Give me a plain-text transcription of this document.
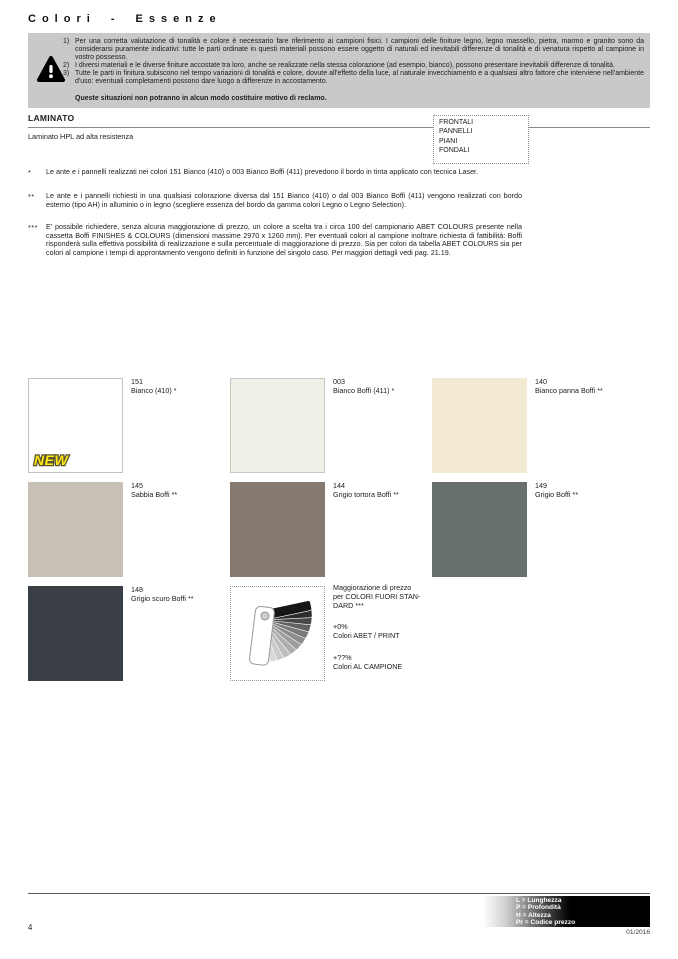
Colori - Essenze
1) Per una corretta valutazione di tonalità e colore è necessario fare riferimento ai campioni fisici. I campioni delle finiture legno, legno massello, pietra, marmo e granito sono da considerarsi puramente indicativi: tutte le parti ordinate in questi materiali possono essere oggetto di naturali ed inevitabili differenze di tonalità e di venatura rispetto al campione in vostro possesso.
2) I diversi materiali e le diverse finiture accostate tra loro, anche se realizzate nella stessa colorazione (ad esempio, bianco), possono presentare inevitabili differenze di tonalità.
3) Tutte le parti in finitura subiscono nel tempo variazioni di tonalità e colore, dovute all'effetto della luce, al naturale invecchiamento e a qualsiasi altro fattore che interviene nell'ambiente d'uso: eventuali completamenti possono dare luogo a differenze in accostamento.
Queste situazioni non potranno in alcun modo costituire motivo di reclamo.
LAMINATO
Laminato HPL ad alta resistenza
FRONTALI
PANNELLI
PIANI
FONDALI
*	Le ante e i pannelli realizzati nei colori 151 Bianco (410) o 003 Bianco Boffi (411) prevedono il bordo in tinta applicato con tecnica Laser.
**	Le ante e i pannelli richiesti in una qualsiasi colorazione diversa dal 151 Bianco (410) o dal 003 Bianco Boffi (411) vengono realizzati con bordo esterno (tipo AH) in alluminio o in legno (scegliere essenza del bordo da gamma colori Legno o Legno Selection).
***	E' possibile richiedere, senza alcuna maggiorazione di prezzo, un colore a scelta tra i circa 100 del campionario ABET COLOURS presente nella cassetta Boffi FINISHES & COLOURS (dimensioni massime 2970 x 1260 mm). Per eventuali colori al campione inoltrare richiesta di fattibilità: Boffi risponderà sulla effettiva possibilità di realizzazione e sulla percentuale di maggiorazione di prezzo. Sia per colori da tabella ABET COLOURS sia per colori al campione i tempi di approntamento vengono definiti in funzione del singolo caso. Per maggiori dettagli vedi pag. 21.19.
NEW
151
Bianco (410) *
003
Bianco Boffi (411) *
140
Bianco panna Boffi **
145
Sabbia Boffi **
144
Grigio tortora Boffi **
149
Grigio Boffi **
148
Grigio scuro Boffi **
Maggiorazione di prezzo
per COLORI FUORI STAN-
DARD ***
+0%
Colori ABET / PRINT
+??%
Colori AL CAMPIONE
L = Lunghezza
P = Profondità
H = Altezza
Pr = Codice prezzo
4
01/2016
